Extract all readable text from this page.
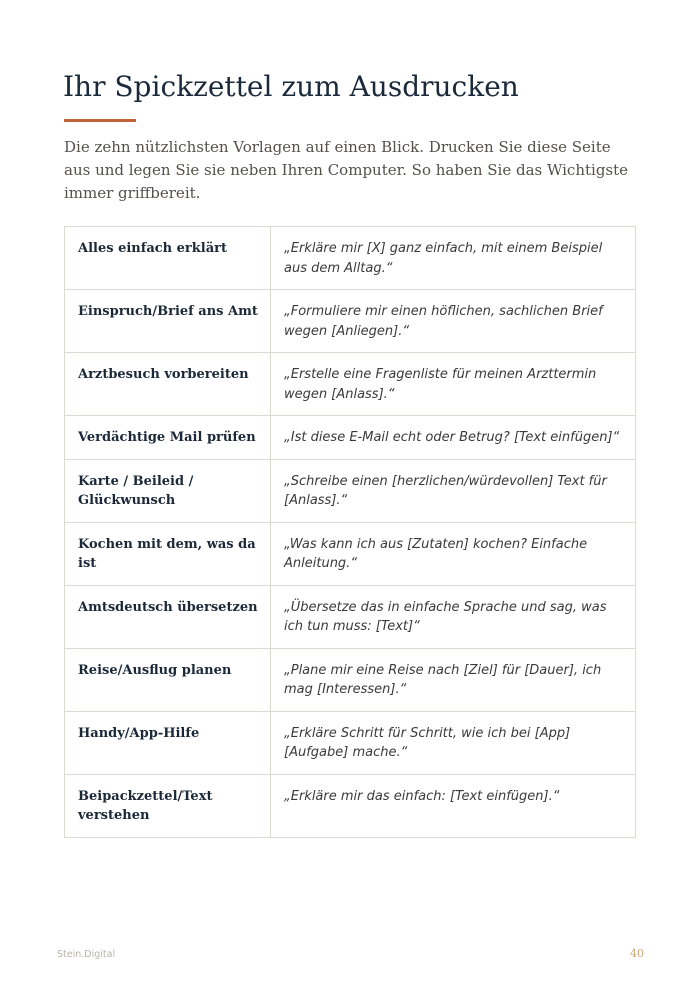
Ihr Spickzettel zum Ausdrucken

Die zehn nützlichsten Vorlagen auf einen Blick. Drucken Sie diese Seite aus und legen Sie sie neben Ihren Computer. So haben Sie das Wichtigste immer griffbereit.

Alles einfach erklärt	„Erkläre mir [X] ganz einfach, mit einem Beispiel aus dem Alltag.“
Einspruch/Brief ans Amt	„Formuliere mir einen höflichen, sachlichen Brief wegen [Anliegen].“
Arztbesuch vorbereiten	„Erstelle eine Fragenliste für meinen Arzttermin wegen [Anlass].“
Verdächtige Mail prüfen	„Ist diese E-Mail echt oder Betrug? [Text einfügen]“
Karte / Beileid / Glückwunsch	„Schreibe einen [herzlichen/würdevollen] Text für [Anlass].“
Kochen mit dem, was da ist	„Was kann ich aus [Zutaten] kochen? Einfache Anleitung.“
Amtsdeutsch übersetzen	„Übersetze das in einfache Sprache und sag, was ich tun muss: [Text]“
Reise/Ausflug planen	„Plane mir eine Reise nach [Ziel] für [Dauer], ich mag [Interessen].“
Handy/App-Hilfe	„Erkläre Schritt für Schritt, wie ich bei [App] [Aufgabe] mache.“
Beipackzettel/Text verstehen	„Erkläre mir das einfach: [Text einfügen].“
Stein.Digital	40
